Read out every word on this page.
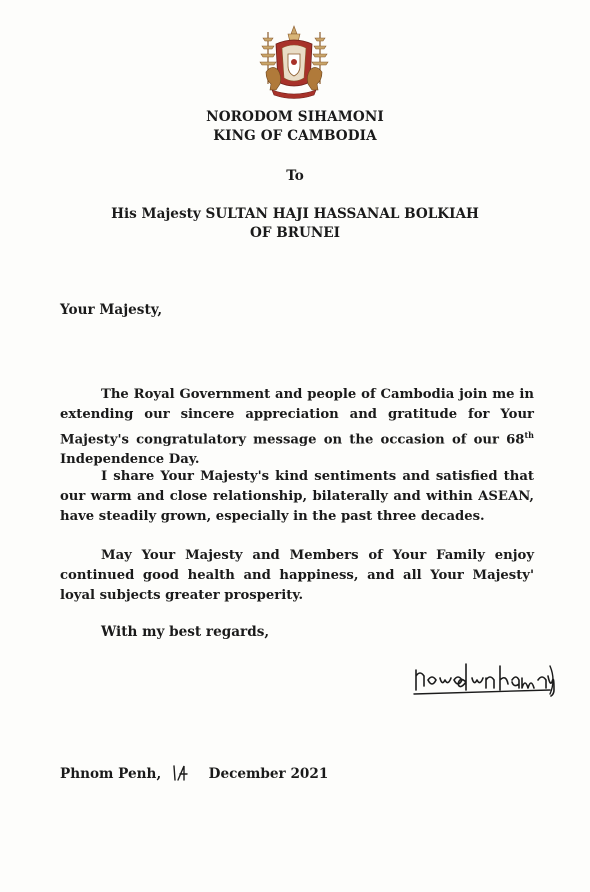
NORODOM SIHAMONI
KING OF CAMBODIA
To
His Majesty SULTAN HAJI HASSANAL BOLKIAH
OF BRUNEI
Your Majesty,

The Royal Government and people of Cambodia join me in extending our sincere appreciation and gratitude for Your Majesty's congratulatory message on the occasion of our 68th Independence Day.

I share Your Majesty's kind sentiments and satisfied that our warm and close relationship, bilaterally and within ASEAN, have steadily grown, especially in the past three decades.

May Your Majesty and Members of Your Family enjoy continued good health and happiness, and all Your Majesty' loyal subjects greater prosperity.

With my best regards,
Phnom Penh,	December 2021
